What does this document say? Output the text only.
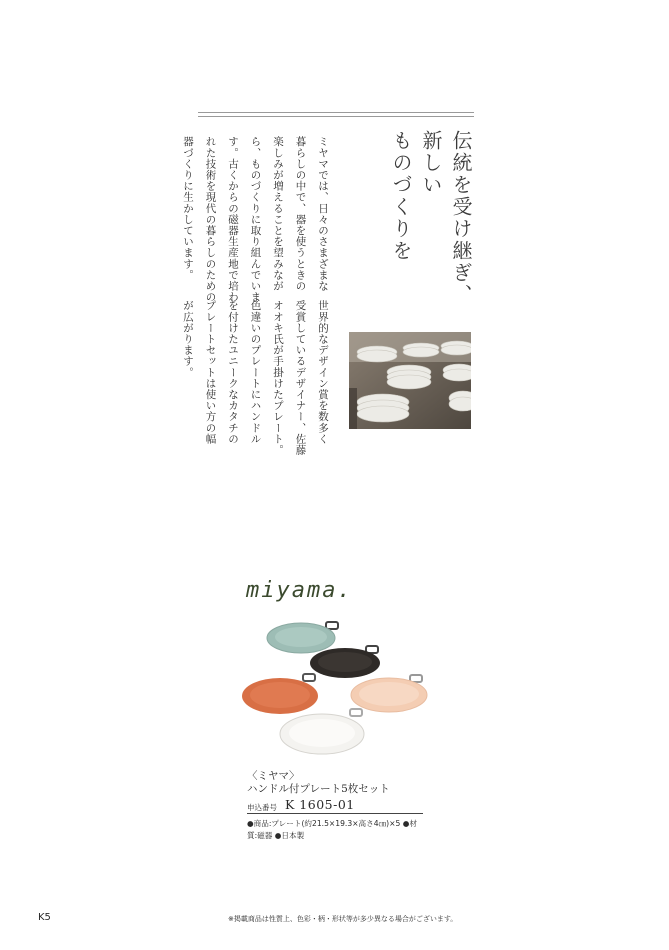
伝統を受け継ぎ、
新しい
ものづくりを
ミヤマでは、日々のさまざまな
暮らしの中で、器を使うときの
楽しみが増えることを望みなが
ら、ものづくりに取り組んでいま
す。古くからの磁器生産地で培わ
れた技術を現代の暮らしのための
器づくりに生かしています。
世界的なデザイン賞を数多く
受賞しているデザイナー、佐藤
オオキ氏が手掛けたプレート。
色違いのプレートにハンドル
を付けたユニークなカタチの
プレートセットは使い方の幅
が広がります。
miyama.
〈ミヤマ〉
ハンドル付プレート5枚セット
申込番号 K 1605-01
●商品:プレート(約21.5×19.3×高さ4㎝)×5 ●材
質:磁器 ●日本製
K5	※掲載商品は性質上、色彩・柄・形状等が多少異なる場合がございます。
